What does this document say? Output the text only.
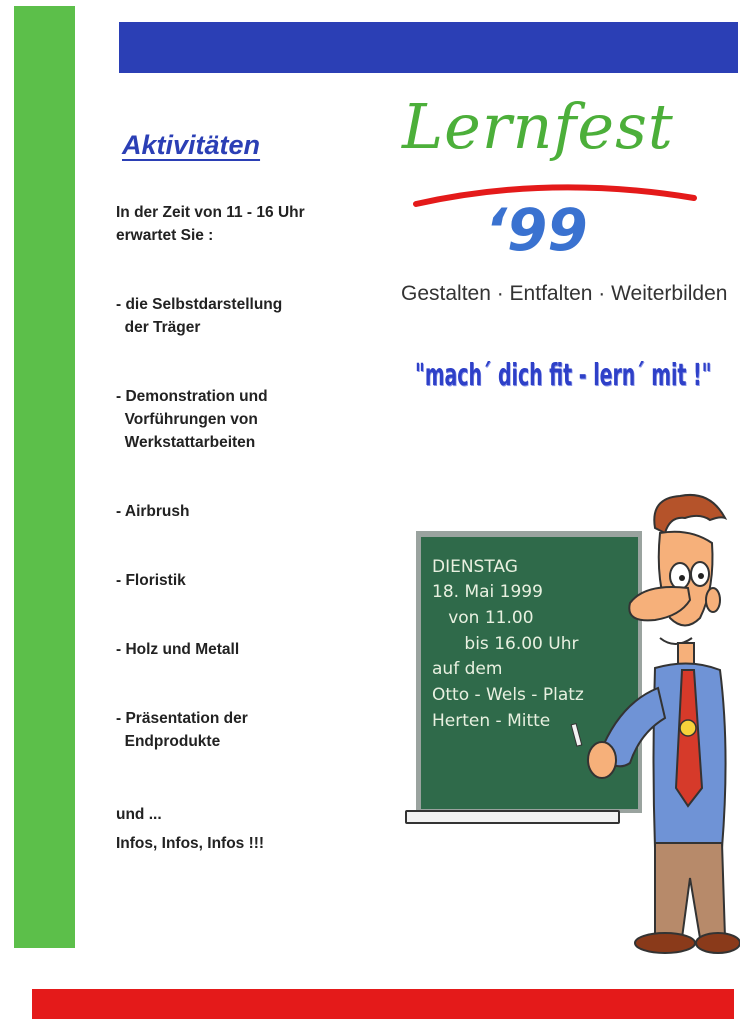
Aktivitäten

In der Zeit von 11 - 16 Uhr
erwartet Sie :

- die Selbstdarstellung
der Träger

- Demonstration und
Vorführungen von
Werkstattarbeiten

- Airbrush

- Floristik

- Holz und Metall

- Präsentation der
Endprodukte

und ...
Infos, Infos, Infos !!!

Lernfest

‘99

Gestalten · Entfalten · Weiterbilden

"mach´ dich fit - lern´ mit !"

DIENSTAG

18. Mai 1999

von 11.00

bis 16.00 Uhr

auf dem

Otto - Wels - Platz

Herten - Mitte
